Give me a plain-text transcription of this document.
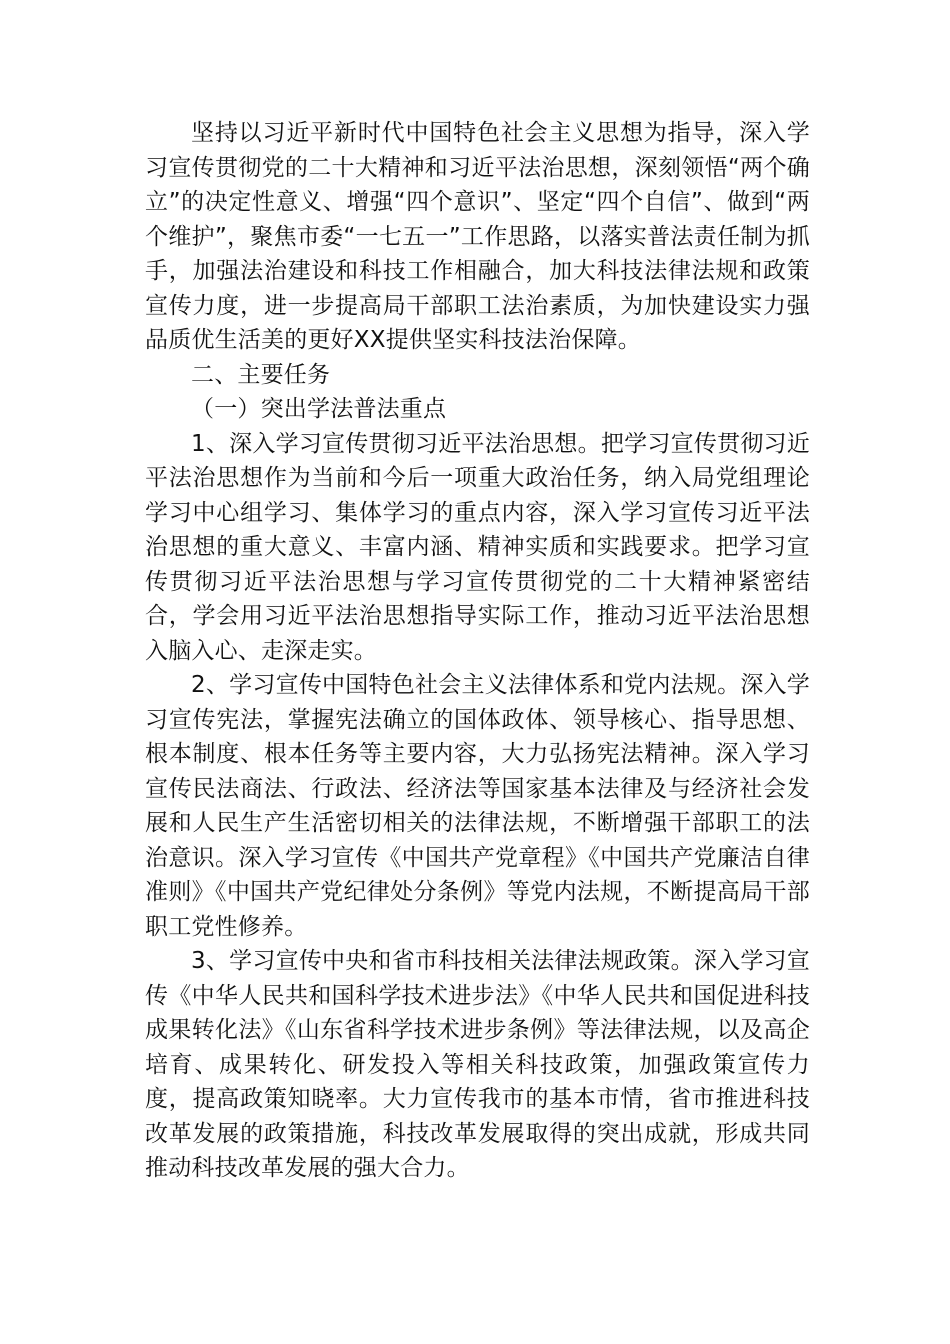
坚持以习近平新时代中国特色社会主义思想为指导，深入学习宣传贯彻党的二十大精神和习近平法治思想，深刻领悟“两个确立”的决定性意义、增强“四个意识”、坚定“四个自信”、做到“两个维护”，聚焦市委“一七五一”工作思路，以落实普法责任制为抓手，加强法治建设和科技工作相融合，加大科技法律法规和政策宣传力度，进一步提高局干部职工法治素质，为加快建设实力强品质优生活美的更好XX提供坚实科技法治保障。

二、主要任务

（一）突出学法普法重点

1、深入学习宣传贯彻习近平法治思想。把学习宣传贯彻习近平法治思想作为当前和今后一项重大政治任务，纳入局党组理论学习中心组学习、集体学习的重点内容，深入学习宣传习近平法治思想的重大意义、丰富内涵、精神实质和实践要求。把学习宣传贯彻习近平法治思想与学习宣传贯彻党的二十大精神紧密结合，学会用习近平法治思想指导实际工作，推动习近平法治思想入脑入心、走深走实。

2、学习宣传中国特色社会主义法律体系和党内法规。深入学习宣传宪法，掌握宪法确立的国体政体、领导核心、指导思想、根本制度、根本任务等主要内容，大力弘扬宪法精神。深入学习宣传民法商法、行政法、经济法等国家基本法律及与经济社会发展和人民生产生活密切相关的法律法规，不断增强干部职工的法治意识。深入学习宣传《中国共产党章程》《中国共产党廉洁自律准则》《中国共产党纪律处分条例》等党内法规，不断提高局干部职工党性修养。

3、学习宣传中央和省市科技相关法律法规政策。深入学习宣传《中华人民共和国科学技术进步法》《中华人民共和国促进科技成果转化法》《山东省科学技术进步条例》等法律法规，以及高企培育、成果转化、研发投入等相关科技政策，加强政策宣传力度，提高政策知晓率。大力宣传我市的基本市情，省市推进科技改革发展的政策措施，科技改革发展取得的突出成就，形成共同推动科技改革发展的强大合力。
